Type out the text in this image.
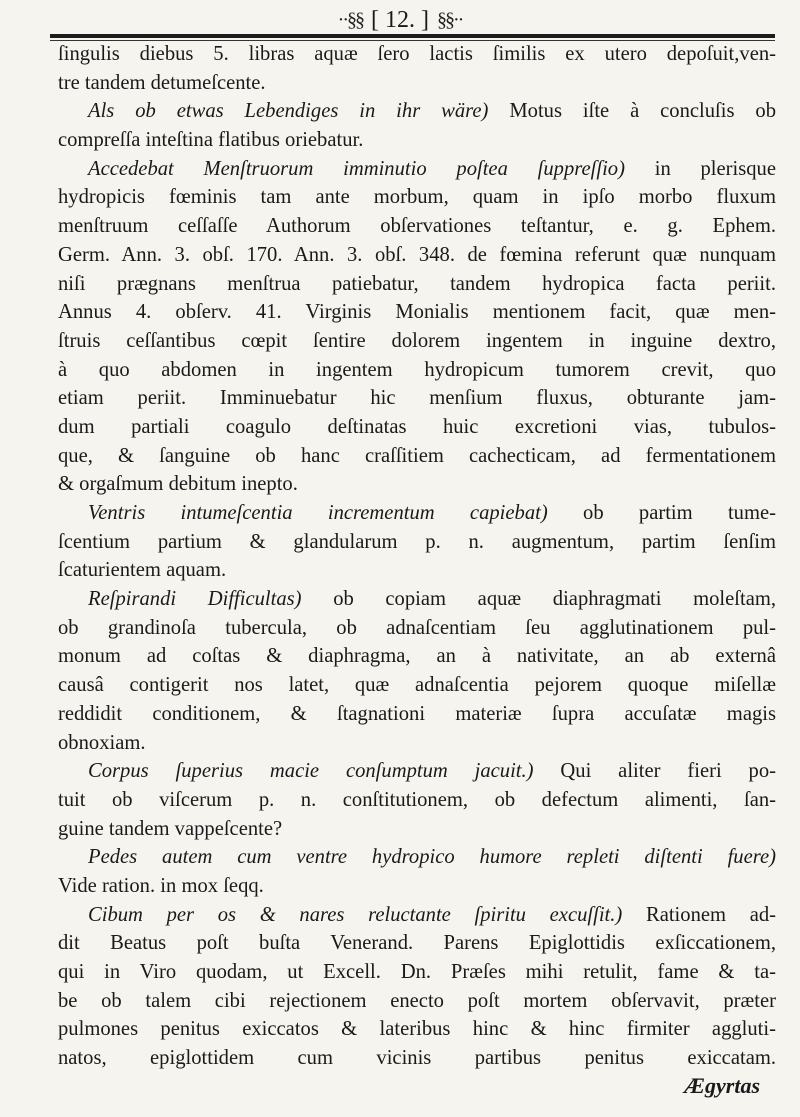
··§§ [ 12. ] §§··
ſingulis diebus 5. libras aquæ ſero lactis ſimilis ex utero depoſuit,ven-
tre tandem detumeſcente.
Als ob etwas Lebendiges in ihr wäre) Motus iſte à concluſis ob
compreſſa inteſtina flatibus oriebatur.
Accedebat Menſtruorum imminutio poſtea ſuppreſſio) in plerisque
hydropicis fœminis tam ante morbum, quam in ipſo morbo fluxum
menſtruum ceſſaſſe Authorum obſervationes teſtantur, e. g. Ephem.
Germ. Ann. 3. obſ. 170. Ann. 3. obſ. 348. de fœmina referunt quæ nunquam
niſi prægnans menſtrua patiebatur, tandem hydropica facta periit.
Annus 4. obſerv. 41. Virginis Monialis mentionem facit, quæ men-
ſtruis ceſſantibus cœpit ſentire dolorem ingentem in inguine dextro,
à quo abdomen in ingentem hydropicum tumorem crevit, quo
etiam periit. Imminuebatur hic menſium fluxus, obturante jam-
dum partiali coagulo deſtinatas huic excretioni vias, tubulos-
que, & ſanguine ob hanc craſſitiem cachecticam, ad fermentationem
& orgaſmum debitum inepto.
Ventris intumeſcentia incrementum capiebat) ob partim tume-
ſcentium partium & glandularum p. n. augmentum, partim ſenſim
ſcaturientem aquam.
Reſpirandi Difficultas) ob copiam aquæ diaphragmati moleſtam,
ob grandinoſa tubercula, ob adnaſcentiam ſeu agglutinationem pul-
monum ad coſtas & diaphragma, an à nativitate, an ab externâ
causâ contigerit nos latet, quæ adnaſcentia pejorem quoque miſellæ
reddidit conditionem, & ſtagnationi materiæ ſupra accuſatæ magis
obnoxiam.
Corpus ſuperius macie conſumptum jacuit.) Qui aliter fieri po-
tuit ob viſcerum p. n. conſtitutionem, ob defectum alimenti, ſan-
guine tandem vappeſcente?
Pedes autem cum ventre hydropico humore repleti diſtenti fuere)
Vide ration. in mox ſeqq.
Cibum per os & nares reluctante ſpiritu excuſſit.) Rationem ad-
dit Beatus poſt buſta Venerand. Parens Epiglottidis exſiccationem,
qui in Viro quodam, ut Excell. Dn. Præſes mihi retulit, fame & ta-
be ob talem cibi rejectionem enecto poſt mortem obſervavit, præter
pulmones penitus exiccatos & lateribus hinc & hinc firmiter aggluti-
natos, epiglottidem cum vicinis partibus penitus exiccatam.
Ægyrtas
